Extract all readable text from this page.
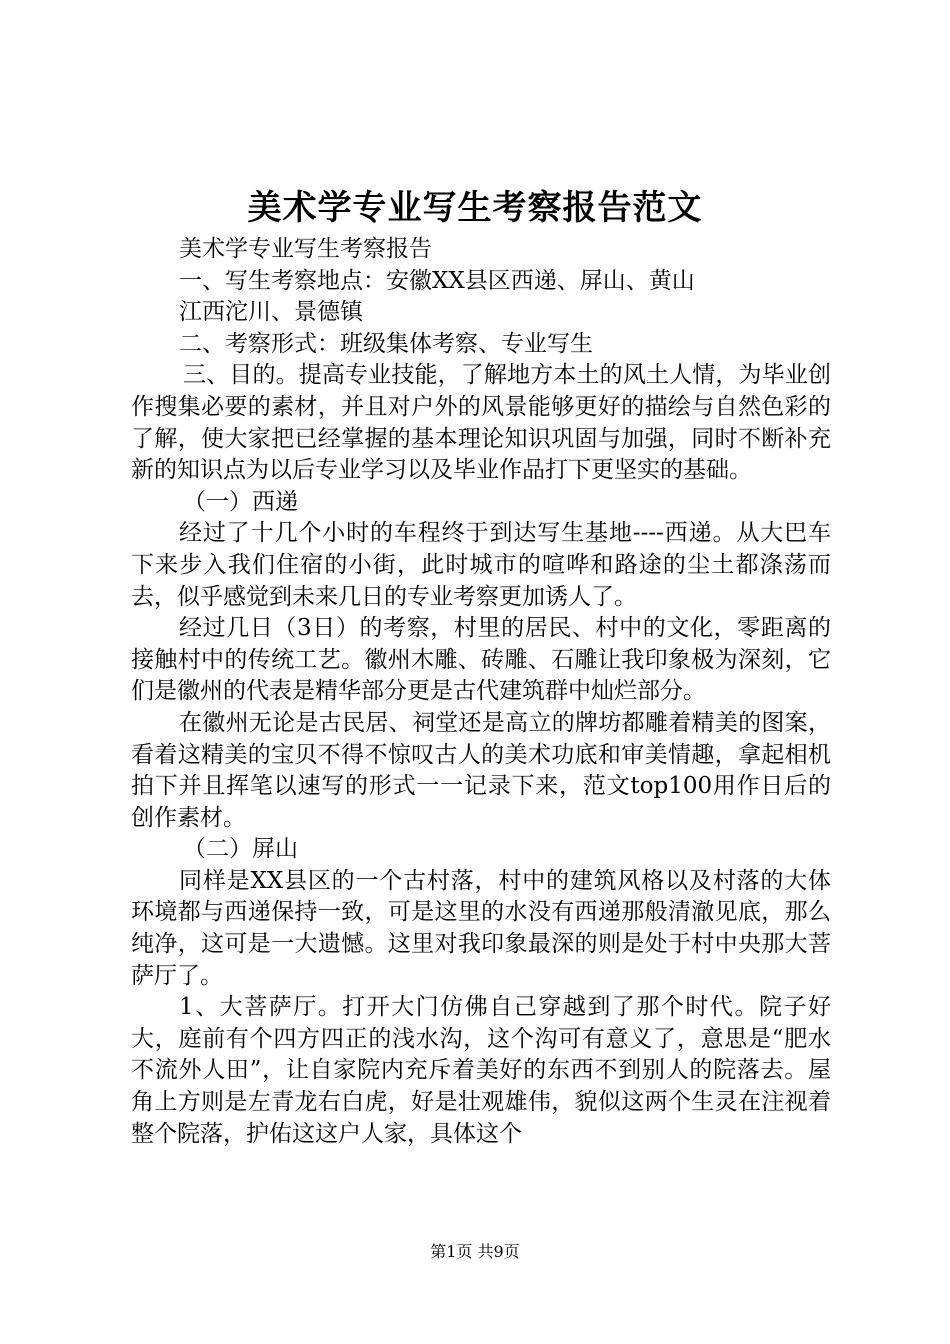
美术学专业写生考察报告范文

美术学专业写生考察报告

一、写生考察地点：安徽XX县区西递、屏山、黄山

江西沱川、景德镇

二、考察形式：班级集体考察、专业写生

三、目的。提高专业技能，了解地方本土的风土人情，为毕业创作搜集必要的素材，并且对户外的风景能够更好的描绘与自然色彩的了解，使大家把已经掌握的基本理论知识巩固与加强，同时不断补充新的知识点为以后专业学习以及毕业作品打下更坚实的基础。

（一）西递

经过了十几个小时的车程终于到达写生基地----西递。从大巴车下来步入我们住宿的小街，此时城市的喧哗和路途的尘土都涤荡而去，似乎感觉到未来几日的专业考察更加诱人了。

经过几日（3日）的考察，村里的居民、村中的文化，零距离的接触村中的传统工艺。徽州木雕、砖雕、石雕让我印象极为深刻，它们是徽州的代表是精华部分更是古代建筑群中灿烂部分。

在徽州无论是古民居、祠堂还是高立的牌坊都雕着精美的图案，看着这精美的宝贝不得不惊叹古人的美术功底和审美情趣，拿起相机拍下并且挥笔以速写的形式一一记录下来，范文top100用作日后的创作素材。

（二）屏山

同样是XX县区的一个古村落，村中的建筑风格以及村落的大体环境都与西递保持一致，可是这里的水没有西递那般清澈见底，那么纯净，这可是一大遗憾。这里对我印象最深的则是处于村中央那大菩萨厅了。

1、大菩萨厅。打开大门仿佛自己穿越到了那个时代。院子好大，庭前有个四方四正的浅水沟，这个沟可有意义了，意思是“肥水不流外人田”，让自家院内充斥着美好的东西不到别人的院落去。屋角上方则是左青龙右白虎，好是壮观雄伟，貌似这两个生灵在注视着整个院落，护佑这这户人家，具体这个

第1页 共9页
